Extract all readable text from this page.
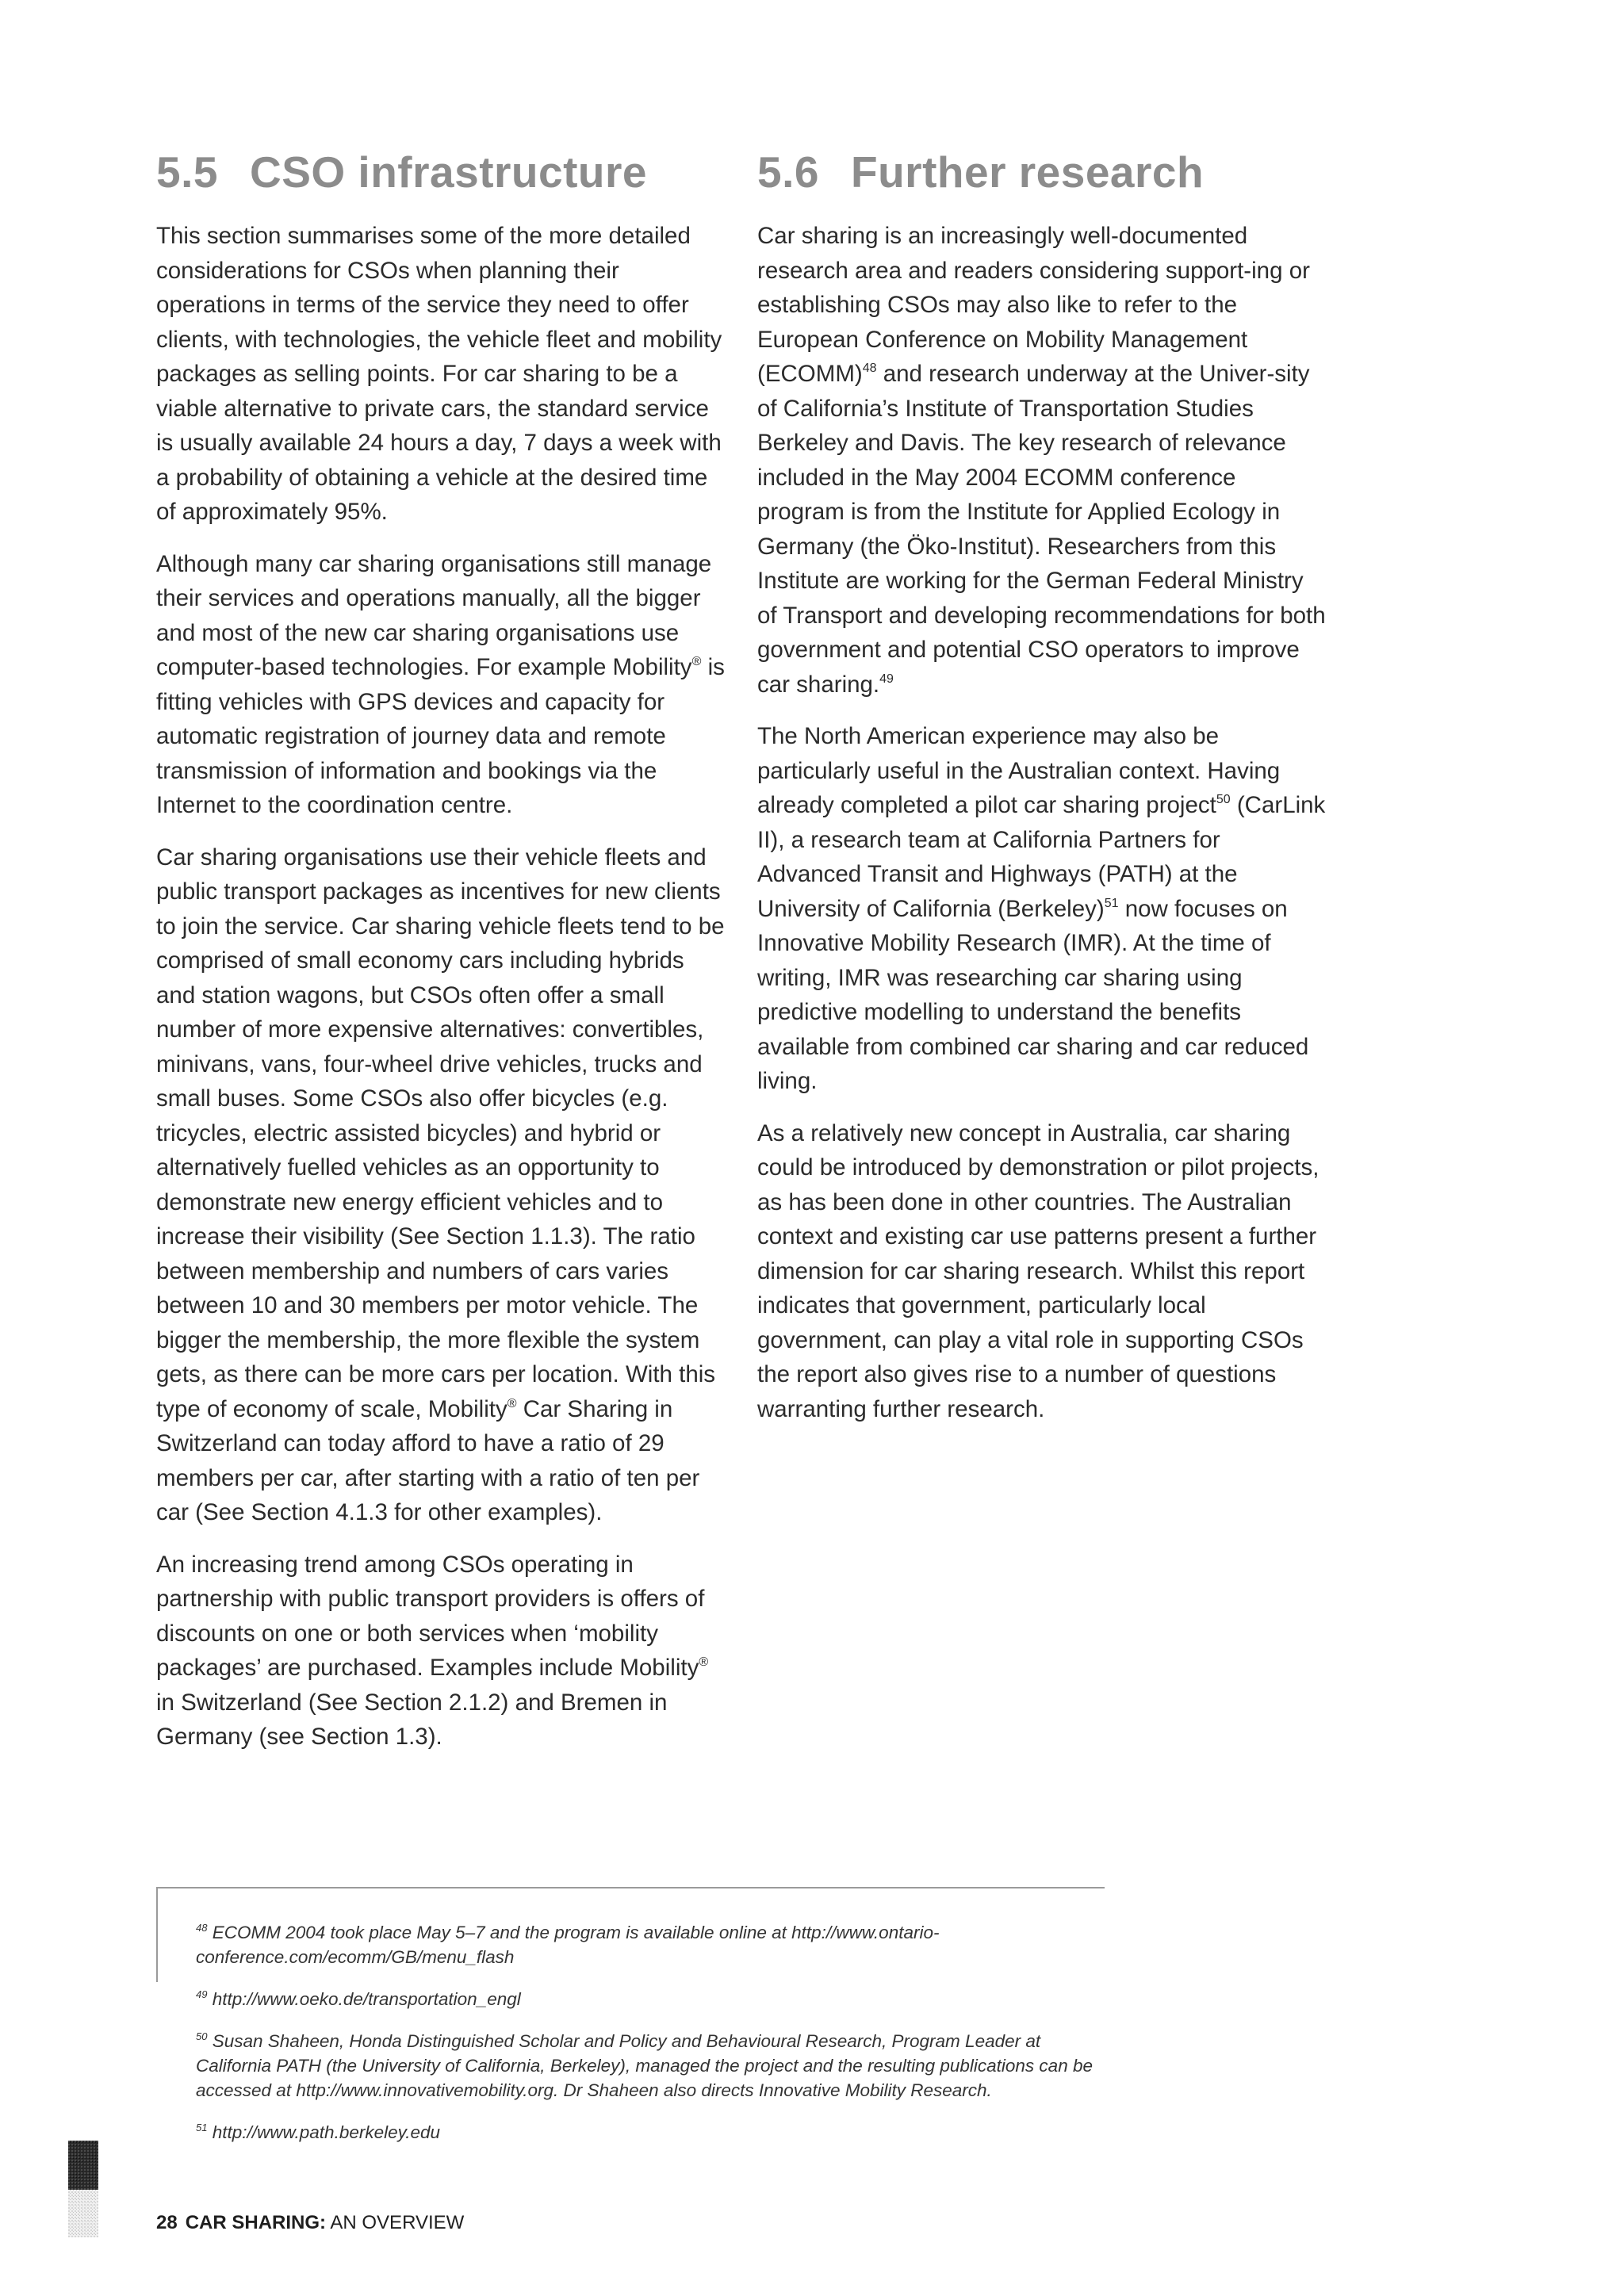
5.5 CSO infrastructure

This section summarises some of the more detailed considerations for CSOs when planning their operations in terms of the service they need to offer clients, with technologies, the vehicle fleet and mobility packages as selling points. For car sharing to be a viable alternative to private cars, the standard service is usually available 24 hours a day, 7 days a week with a probability of obtaining a vehicle at the desired time of approximately 95%.

Although many car sharing organisations still manage their services and operations manually, all the bigger and most of the new car sharing organisations use computer-based technologies. For example Mobility® is fitting vehicles with GPS devices and capacity for automatic registration of journey data and remote transmission of information and bookings via the Internet to the coordination centre.

Car sharing organisations use their vehicle fleets and public transport packages as incentives for new clients to join the service. Car sharing vehicle fleets tend to be comprised of small economy cars including hybrids and station wagons, but CSOs often offer a small number of more expensive alternatives: convertibles, minivans, vans, four-wheel drive vehicles, trucks and small buses. Some CSOs also offer bicycles (e.g. tricycles, electric assisted bicycles) and hybrid or alternatively fuelled vehicles as an opportunity to demonstrate new energy efficient vehicles and to increase their visibility (See Section 1.1.3). The ratio between membership and numbers of cars varies between 10 and 30 members per motor vehicle. The bigger the membership, the more flexible the system gets, as there can be more cars per location. With this type of economy of scale, Mobility® Car Sharing in Switzerland can today afford to have a ratio of 29 members per car, after starting with a ratio of ten per car (See Section 4.1.3 for other examples).

An increasing trend among CSOs operating in partnership with public transport providers is offers of discounts on one or both services when ‘mobility packages’ are purchased. Examples include Mobility® in Switzerland (See Section 2.1.2) and Bremen in Germany (see Section 1.3).

5.6 Further research

Car sharing is an increasingly well-documented research area and readers considering support-ing or establishing CSOs may also like to refer to the European Conference on Mobility Management (ECOMM)$^{48}$ and research underway at the Univer-sity of California’s Institute of Transportation Studies Berkeley and Davis. The key research of relevance included in the May 2004 ECOMM conference program is from the Institute for Applied Ecology in Germany (the Öko-Institut). Researchers from this Institute are working for the German Federal Ministry of Transport and developing recommendations for both government and potential CSO operators to improve car sharing.$^{49}$

The North American experience may also be particularly useful in the Australian context. Having already completed a pilot car sharing project$^{50}$ (CarLink II), a research team at California Partners for Advanced Transit and Highways (PATH) at the University of California (Berkeley)$^{51}$ now focuses on Innovative Mobility Research (IMR). At the time of writing, IMR was researching car sharing using predictive modelling to understand the benefits available from combined car sharing and car reduced living.

As a relatively new concept in Australia, car sharing could be introduced by demonstration or pilot projects, as has been done in other countries. The Australian context and existing car use patterns present a further dimension for car sharing research. Whilst this report indicates that government, particularly local government, can play a vital role in supporting CSOs the report also gives rise to a number of questions warranting further research.

$^{48}$ ECOMM 2004 took place May 5–7 and the program is available online at http://www.ontario-conference.com/ecomm/GB/menu_flash

$^{49}$ http://www.oeko.de/transportation_engl

$^{50}$ Susan Shaheen, Honda Distinguished Scholar and Policy and Behavioural Research, Program Leader at California PATH (the University of California, Berkeley), managed the project and the resulting publications can be accessed at http://www.innovativemobility.org. Dr Shaheen also directs Innovative Mobility Research.

$^{51}$ http://www.path.berkeley.edu

28 CAR SHARING: AN OVERVIEW
